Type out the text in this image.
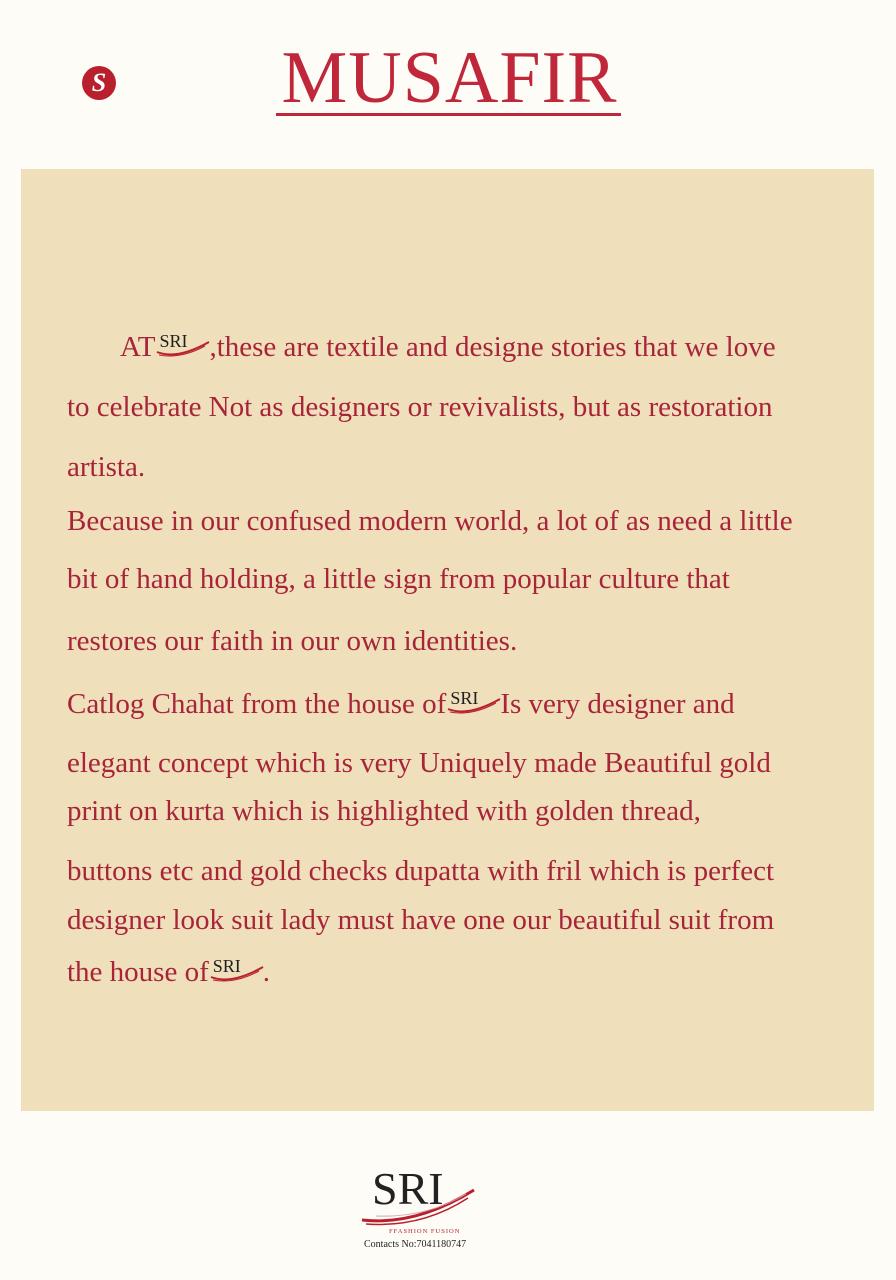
S	MUSAFIR
AT SRI ,these are textile and designe stories that we love
to celebrate Not as designers or revivalists, but as restoration
artista.
Because in our confused modern world, a lot of as need a little
bit of hand holding, a little sign from popular culture that
restores our faith in our own identities.
Catlog Chahat from the house of SRI Is very designer and
elegant concept which is very Uniquely made Beautiful gold
print on kurta which is highlighted with golden thread,
buttons etc and gold checks dupatta with fril which is perfect
designer look suit lady must have one our beautiful suit from
the house of SRI .
SRI
FFASHION FUSION
Contacts No:7041180747
